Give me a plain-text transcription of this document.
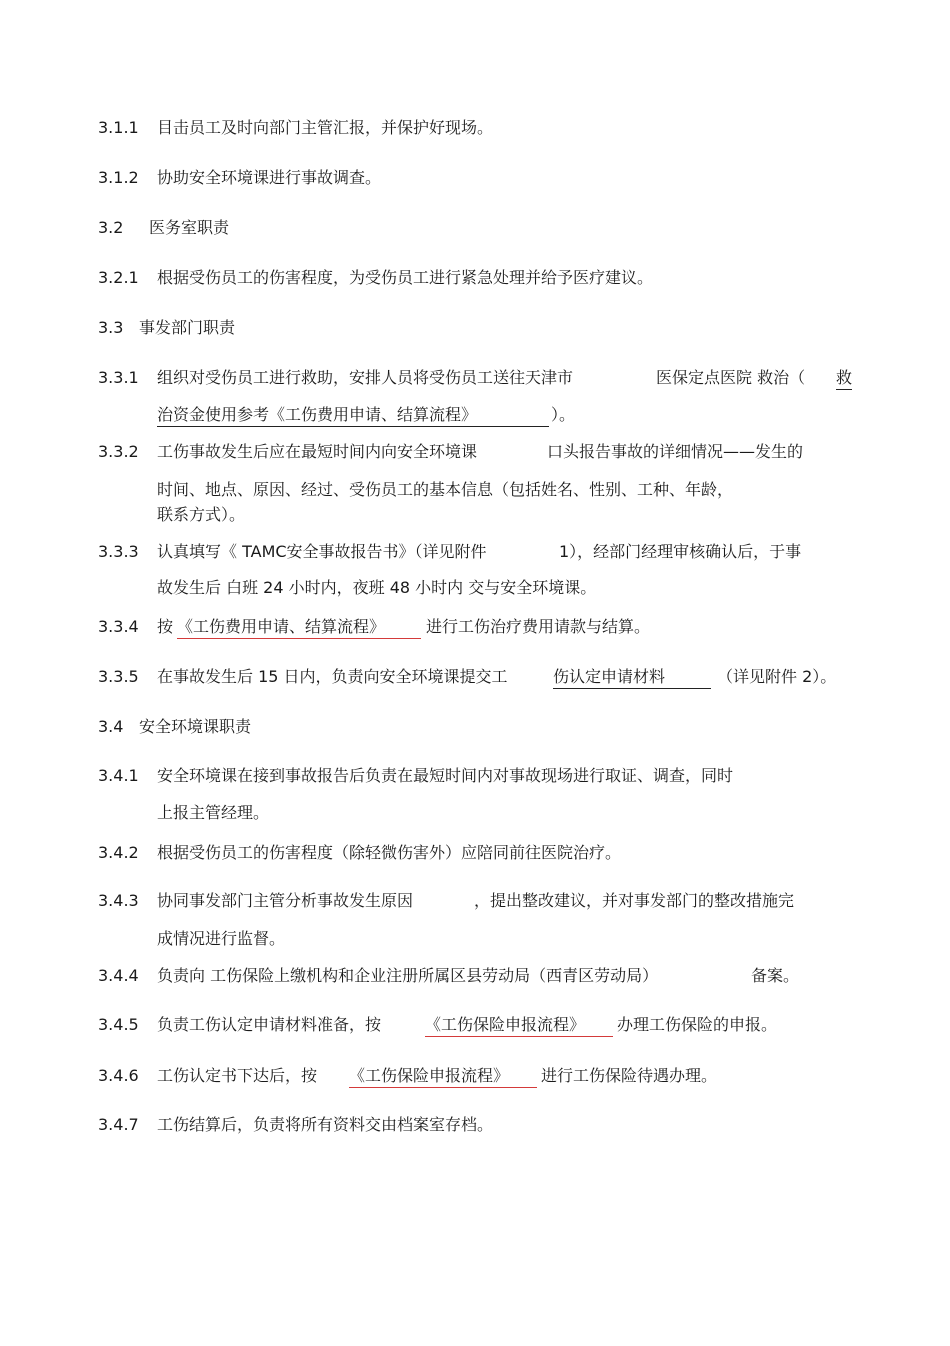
3.1.1 目击员工及时向部门主管汇报，并保护好现场。
3.1.2 协助安全环境课进行事故调查。
3.2 医务室职责
3.2.1 根据受伤员工的伤害程度，为受伤员工进行紧急处理并给予医疗建议。
3.3 事发部门职责
3.3.1 组织对受伤员工进行救助，安排人员将受伤员工送往天津市	医保定点医院 救治（ 救
治资金使用参考《工伤费用申请、结算流程》	）。
3.3.2 工伤事故发生后应在最短时间内向安全环境课	口头报告事故的详细情况——发生的
时间、地点、原因、经过、受伤员工的基本信息（包括姓名、性别、工种、年龄，
联系方式）。
3.3.3 认真填写《 TAMC安全事故报告书》（详见附件	1），经部门经理审核确认后，于事
故发生后 白班 24 小时内，夜班 48 小时内 交与安全环境课。
3.3.4 按 《工伤费用申请、结算流程》	进行工伤治疗费用请款与结算。
3.3.5 在事故发生后 15 日内，负责向安全环境课提交工	伤认定申请材料	（详见附件 2）。
3.4 安全环境课职责
3.4.1 安全环境课在接到事故报告后负责在最短时间内对事故现场进行取证、调查，同时
上报主管经理。
3.4.2 根据受伤员工的伤害程度（除轻微伤害外）应陪同前往医院治疗。
3.4.3 协同事发部门主管分析事故发生原因	，提出整改建议，并对事发部门的整改措施完
成情况进行监督。
3.4.4 负责向 工伤保险上缴机构和企业注册所属区县劳动局（西青区劳动局）	备案。
3.4.5 负责工伤认定申请材料准备，按	《工伤保险申报流程》	办理工伤保险的申报。
3.4.6 工伤认定书下达后，按 《工伤保险申报流程》	进行工伤保险待遇办理。
3.4.7 工伤结算后，负责将所有资料交由档案室存档。
